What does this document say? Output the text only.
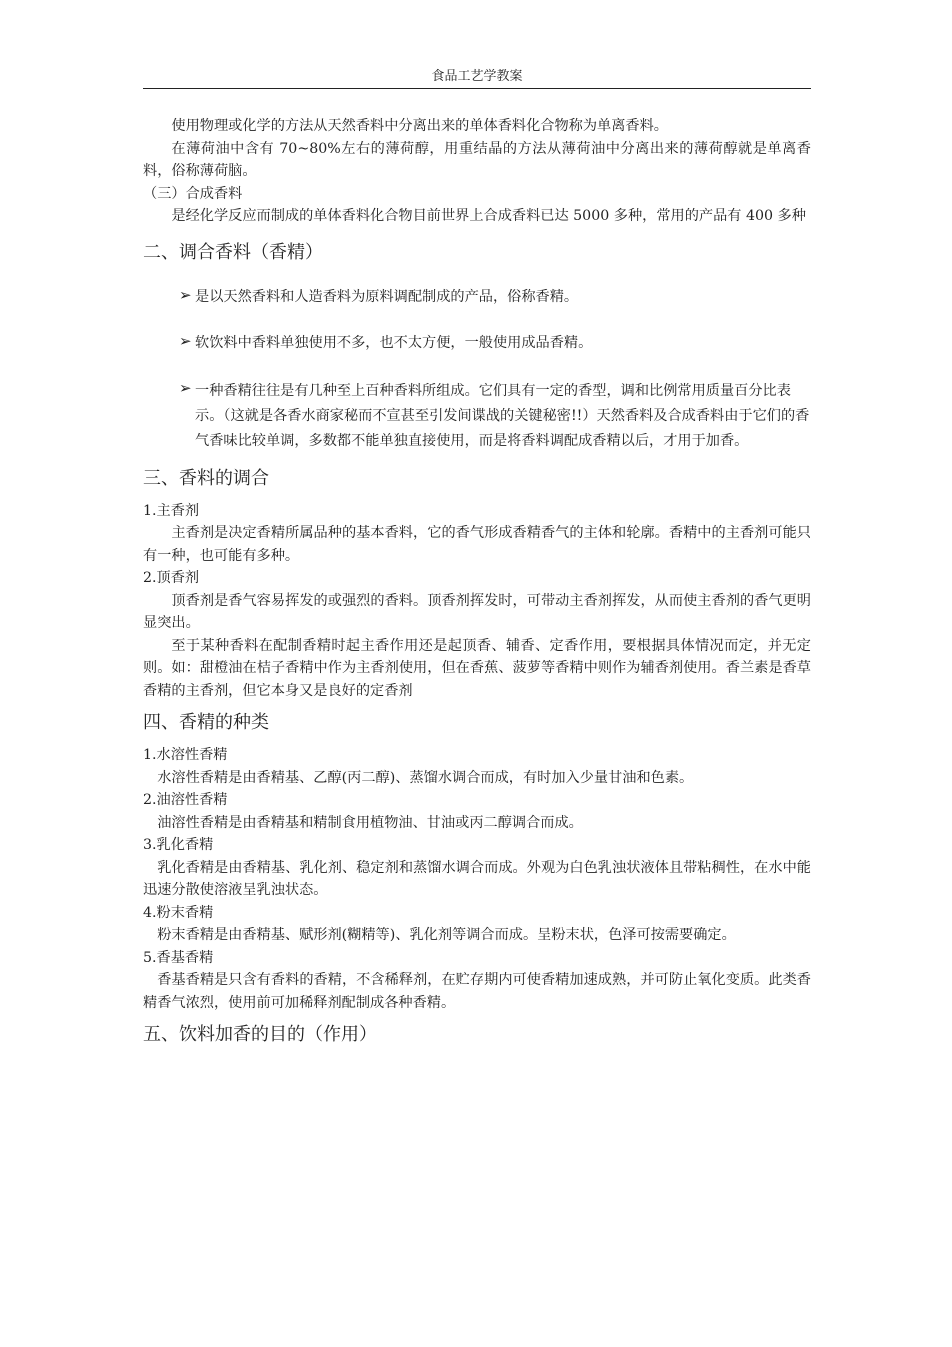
食品工艺学教案

使用物理或化学的方法从天然香料中分离出来的单体香料化合物称为单离香料。

在薄荷油中含有 70~80%左右的薄荷醇，用重结晶的方法从薄荷油中分离出来的薄荷醇就是单离香料，俗称薄荷脑。

（三）合成香料

是经化学反应而制成的单体香料化合物目前世界上合成香料已达 5000 多种，常用的产品有 400 多种

二、调合香料（香精）
➢ 是以天然香料和人造香料为原料调配制成的产品，俗称香精。

➢ 软饮料中香料单独使用不多，也不太方便，一般使用成品香精。

➢ 一种香精往往是有几种至上百种香料所组成。它们具有一定的香型，调和比例常用质量百分比表示。（这就是各香水商家秘而不宣甚至引发间谍战的关键秘密!!）天然香料及合成香料由于它们的香气香味比较单调，多数都不能单独直接使用，而是将香料调配成香精以后，才用于加香。

三、香料的调合

1.主香剂

主香剂是决定香精所属品种的基本香料，它的香气形成香精香气的主体和轮廓。香精中的主香剂可能只有一种，也可能有多种。

2.顶香剂

顶香剂是香气容易挥发的或强烈的香料。顶香剂挥发时，可带动主香剂挥发，从而使主香剂的香气更明显突出。

至于某种香料在配制香精时起主香作用还是起顶香、辅香、定香作用，要根据具体情况而定，并无定则。如：甜橙油在桔子香精中作为主香剂使用，但在香蕉、菠萝等香精中则作为辅香剂使用。香兰素是香草香精的主香剂，但它本身又是良好的定香剂

四、香精的种类

1.水溶性香精

水溶性香精是由香精基、乙醇(丙二醇)、蒸馏水调合而成，有时加入少量甘油和色素。

2.油溶性香精

油溶性香精是由香精基和精制食用植物油、甘油或丙二醇调合而成。

3.乳化香精

乳化香精是由香精基、乳化剂、稳定剂和蒸馏水调合而成。外观为白色乳浊状液体且带粘稠性，在水中能迅速分散使溶液呈乳浊状态。

4.粉末香精

粉末香精是由香精基、赋形剂(糊精等)、乳化剂等调合而成。呈粉末状，色泽可按需要确定。

5.香基香精

香基香精是只含有香料的香精，不含稀释剂，在贮存期内可使香精加速成熟，并可防止氧化变质。此类香精香气浓烈，使用前可加稀释剂配制成各种香精。

五、饮料加香的目的（作用）
